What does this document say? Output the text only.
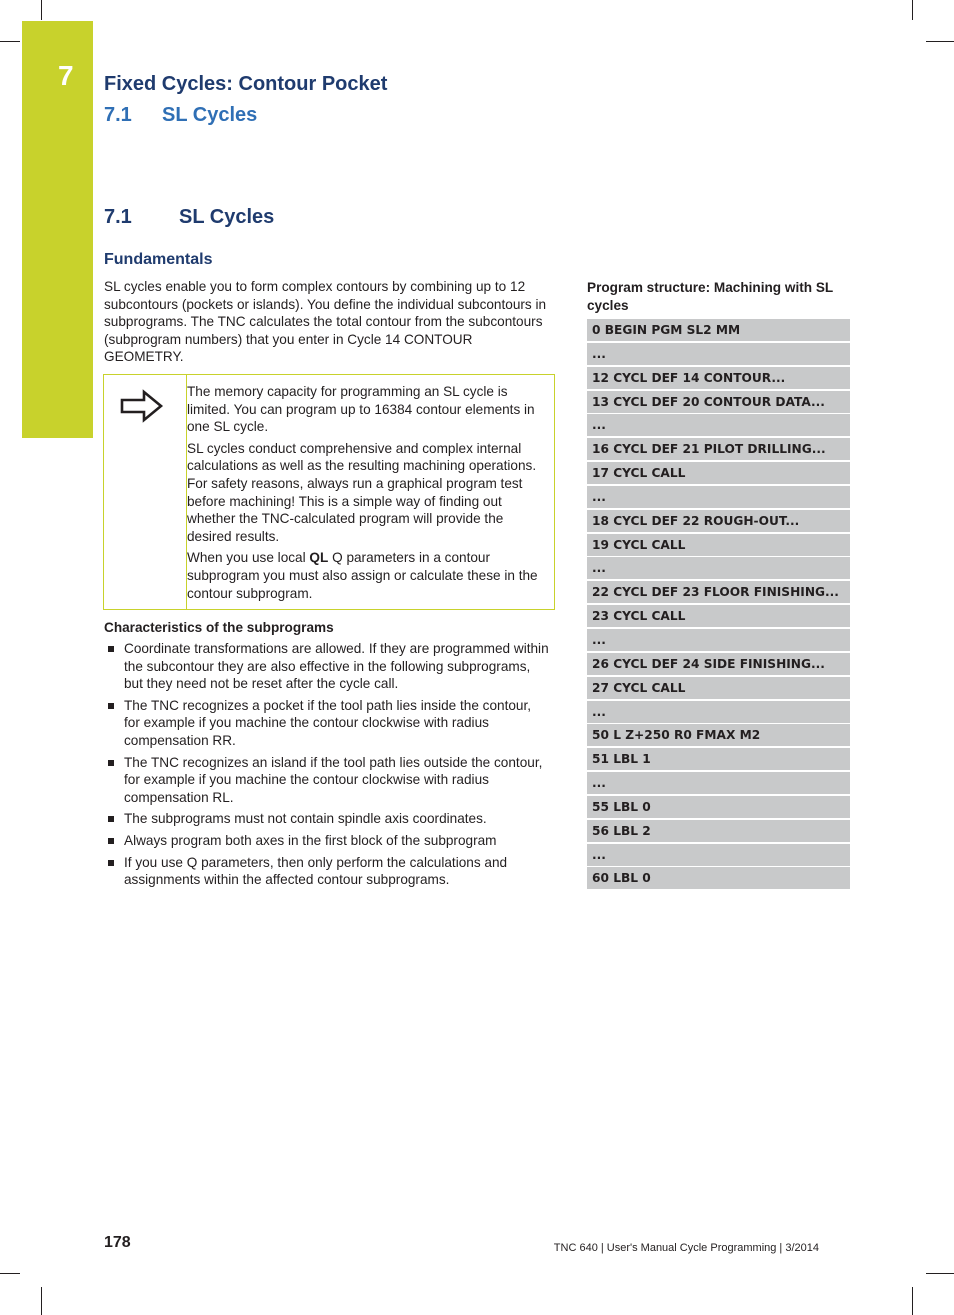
7 Fixed Cycles: Contour Pocket
7.1 SL Cycles
7.1 SL Cycles
Fundamentals

SL cycles enable you to form complex contours by combining up to 12 subcontours (pockets or islands). You define the individual subcontours in subprograms. The TNC calculates the total contour from the subcontours (subprogram numbers) that you enter in Cycle 14 CONTOUR GEOMETRY.

The memory capacity for programming an SL cycle is limited. You can program up to 16384 contour elements in one SL cycle.

SL cycles conduct comprehensive and complex internal calculations as well as the resulting machining operations. For safety reasons, always run a graphical program test before machining! This is a simple way of finding out whether the TNC-calculated program will provide the desired results.

When you use local QL Q parameters in a contour subprogram you must also assign or calculate these in the contour subprogram.

Characteristics of the subprograms
Coordinate transformations are allowed. If they are programmed within the subcontour they are also effective in the following subprograms, but they need not be reset after the cycle call.
The TNC recognizes a pocket if the tool path lies inside the contour, for example if you machine the contour clockwise with radius compensation RR.
The TNC recognizes an island if the tool path lies outside the contour, for example if you machine the contour clockwise with radius compensation RL.
The subprograms must not contain spindle axis coordinates.
Always program both axes in the first block of the subprogram
If you use Q parameters, then only perform the calculations and assignments within the affected contour subprograms.
Program structure: Machining with SL cycles
0 BEGIN PGM SL2 MM
...
12 CYCL DEF 14 CONTOUR...
13 CYCL DEF 20 CONTOUR DATA...
...
16 CYCL DEF 21 PILOT DRILLING...
17 CYCL CALL
...
18 CYCL DEF 22 ROUGH-OUT...
19 CYCL CALL
...
22 CYCL DEF 23 FLOOR FINISHING...
23 CYCL CALL
...
26 CYCL DEF 24 SIDE FINISHING...
27 CYCL CALL
...
50 L Z+250 R0 FMAX M2
51 LBL 1
...
55 LBL 0
56 LBL 2
...
60 LBL 0
178	TNC 640 | User's Manual Cycle Programming | 3/2014
